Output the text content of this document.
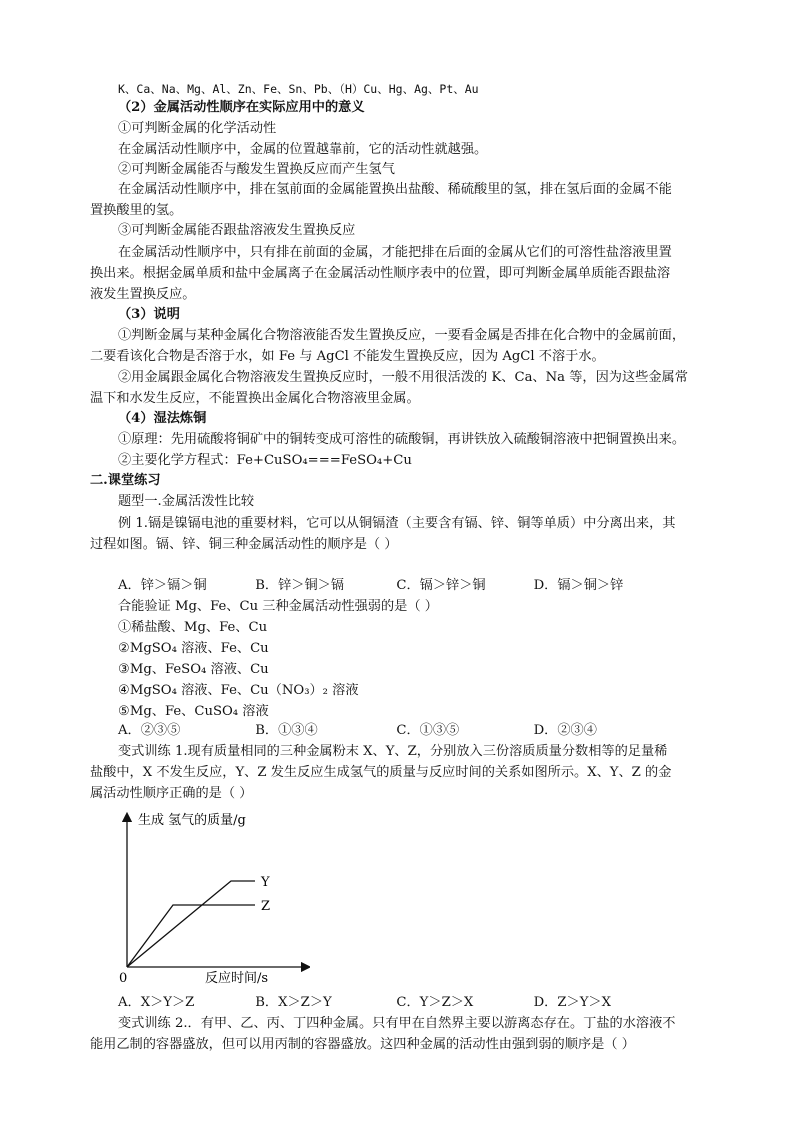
K、Ca、Na、Mg、Al、Zn、Fe、Sn、Pb、（H）Cu、Hg、Ag、Pt、Au
（2）金属活动性顺序在实际应用中的意义
①可判断金属的化学活动性
在金属活动性顺序中，金属的位置越靠前，它的活动性就越强。
②可判断金属能否与酸发生置换反应而产生氢气
在金属活动性顺序中，排在氢前面的金属能置换出盐酸、稀硫酸里的氢，排在氢后面的金属不能
置换酸里的氢。
③可判断金属能否跟盐溶液发生置换反应
在金属活动性顺序中，只有排在前面的金属，才能把排在后面的金属从它们的可溶性盐溶液里置
换出来。根据金属单质和盐中金属离子在金属活动性顺序表中的位置，即可判断金属单质能否跟盐溶
液发生置换反应。
（3）说明
①判断金属与某种金属化合物溶液能否发生置换反应，一要看金属是否排在化合物中的金属前面，
二要看该化合物是否溶于水，如 Fe 与 AgCl 不能发生置换反应，因为 AgCl 不溶于水。
②用金属跟金属化合物溶液发生置换反应时，一般不用很活泼的 K、Ca、Na 等，因为这些金属常
温下和水发生反应，不能置换出金属化合物溶液里金属。
（4）湿法炼铜
①原理：先用硫酸将铜矿中的铜转变成可溶性的硫酸铜，再讲铁放入硫酸铜溶液中把铜置换出来。
②主要化学方程式：Fe+CuSO₄===FeSO₄+Cu
二.课堂练习
题型一.金属活泼性比较
例 1.镉是镍镉电池的重要材料，它可以从铜镉渣（主要含有镉、锌、铜等单质）中分离出来，其
过程如图。镉、锌、铜三种金属活动性的顺序是（ ）
A．锌＞镉＞铜	B．锌＞铜＞镉	C．镉＞锌＞铜	D．镉＞铜＞锌
合能验证 Mg、Fe、Cu 三种金属活动性强弱的是（ ）
①稀盐酸、Mg、Fe、Cu
②MgSO₄ 溶液、Fe、Cu
③Mg、FeSO₄ 溶液、Cu
④MgSO₄ 溶液、Fe、Cu（NO₃）₂ 溶液
⑤Mg、Fe、CuSO₄ 溶液
A．②③⑤	B．①③④	C．①③⑤	D．②③④
变式训练 1.现有质量相同的三种金属粉末 X、Y、Z，分别放入三份溶质质量分数相等的足量稀
盐酸中，X 不发生反应，Y、Z 发生反应生成氢气的质量与反应时间的关系如图所示。X、Y、Z 的金
属活动性顺序正确的是（ ）
生成 氢气的质量/g
0	反应时间/s
Y
Z
A．X＞Y＞Z	B．X＞Z＞Y	C．Y＞Z＞X	D．Z＞Y＞X
变式训练 2.．有甲、乙、丙、丁四种金属。只有甲在自然界主要以游离态存在。丁盐的水溶液不
能用乙制的容器盛放，但可以用丙制的容器盛放。这四种金属的活动性由强到弱的顺序是（ ）
